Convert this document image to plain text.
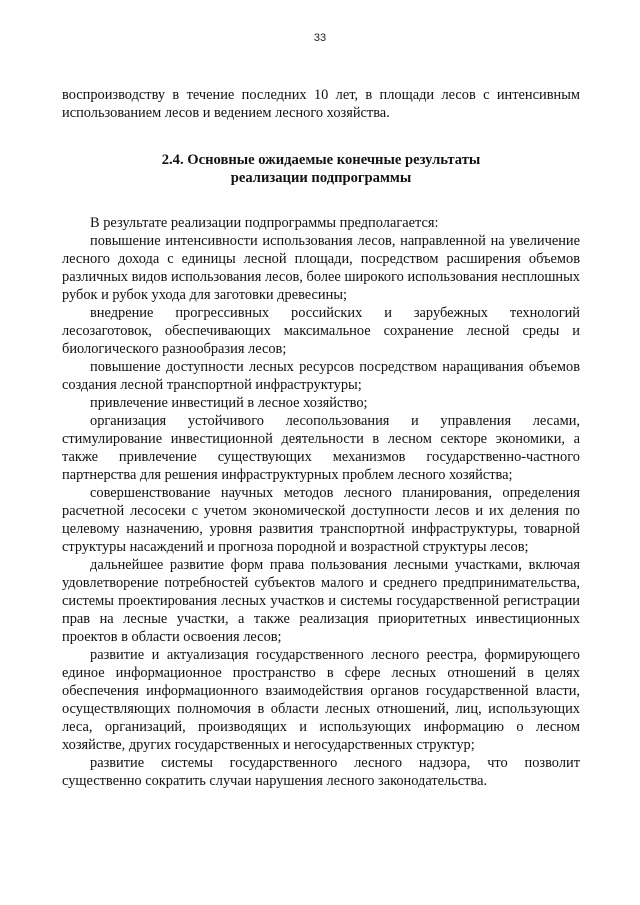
33

воспроизводству в течение последних 10 лет, в площади лесов с интенсивным использованием лесов и ведением лесного хозяйства.

2.4. Основные ожидаемые конечные результаты
реализации подпрограммы

В результате реализации подпрограммы предполагается:

повышение интенсивности использования лесов, направленной на увеличение лесного дохода с единицы лесной площади, посредством расширения объемов различных видов использования лесов, более широкого использования несплошных рубок и рубок ухода для заготовки древесины;

внедрение прогрессивных российских и зарубежных технологий лесозаготовок, обеспечивающих максимальное сохранение лесной среды и биологического разнообразия лесов;

повышение доступности лесных ресурсов посредством наращивания объемов создания лесной транспортной инфраструктуры;

привлечение инвестиций в лесное хозяйство;

организация устойчивого лесопользования и управления лесами, стимулирование инвестиционной деятельности в лесном секторе экономики, а также привлечение существующих механизмов государственно-частного партнерства для решения инфраструктурных проблем лесного хозяйства;

совершенствование научных методов лесного планирования, определения расчетной лесосеки с учетом экономической доступности лесов и их деления по целевому назначению, уровня развития транспортной инфраструктуры, товарной структуры насаждений и прогноза породной и возрастной структуры лесов;

дальнейшее развитие форм права пользования лесными участками, включая удовлетворение потребностей субъектов малого и среднего предпринимательства, системы проектирования лесных участков и системы государственной регистрации прав на лесные участки, а также реализация приоритетных инвестиционных проектов в области освоения лесов;

развитие и актуализация государственного лесного реестра, формирующего единое информационное пространство в сфере лесных отношений в целях обеспечения информационного взаимодействия органов государственной власти, осуществляющих полномочия в области лесных отношений, лиц, использующих леса, организаций, производящих и использующих информацию о лесном хозяйстве, других государственных и негосударственных структур;

развитие системы государственного лесного надзора, что позволит существенно сократить случаи нарушения лесного законодательства.
